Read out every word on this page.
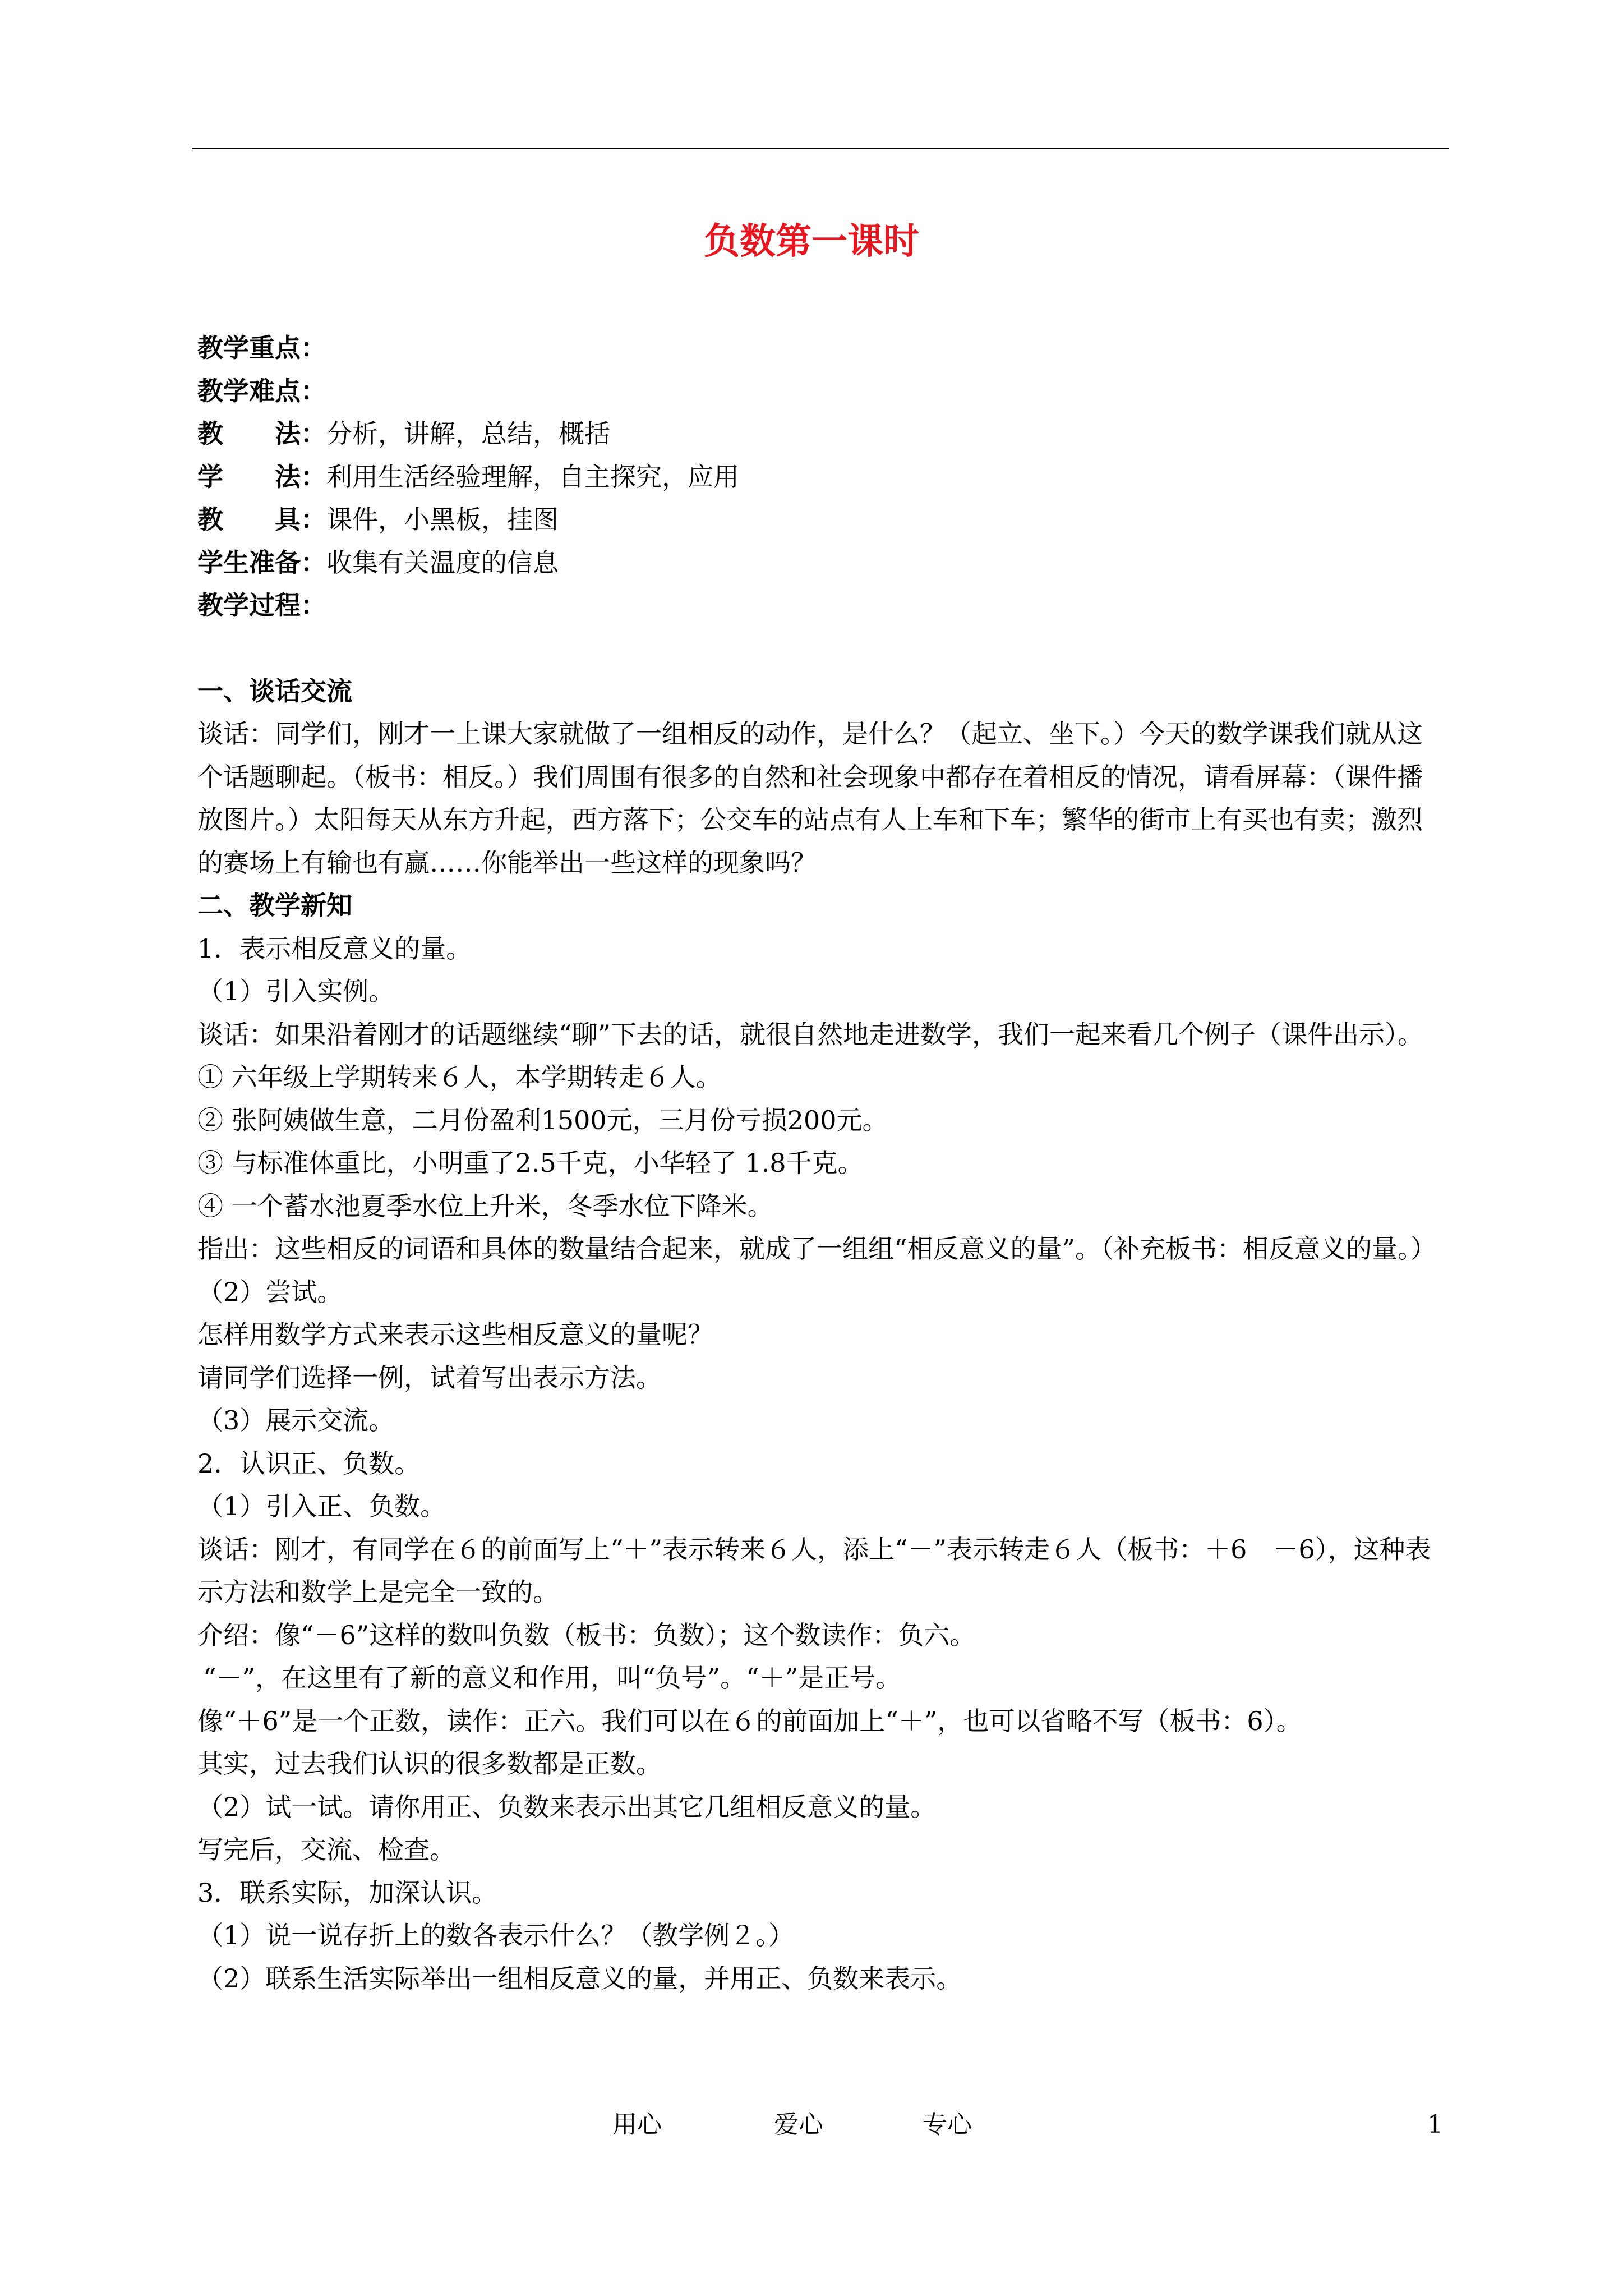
负数第一课时

教学重点：

教学难点：

教　　法：分析，讲解，总结，概括

学　　法：利用生活经验理解，自主探究，应用

教　　具：课件，小黑板，挂图

学生准备：收集有关温度的信息

教学过程：

一、谈话交流

谈话：同学们，刚才一上课大家就做了一组相反的动作，是什么？（起立、坐下。）今天的数学课我们就从这个话题聊起。（板书：相反。）我们周围有很多的自然和社会现象中都存在着相反的情况，请看屏幕：（课件播放图片。）太阳每天从东方升起，西方落下；公交车的站点有人上车和下车；繁华的街市上有买也有卖；激烈的赛场上有输也有赢……你能举出一些这样的现象吗？

二、教学新知

1．表示相反意义的量。

（1）引入实例。

谈话：如果沿着刚才的话题继续“聊”下去的话，就很自然地走进数学，我们一起来看几个例子（课件出示）。

① 六年级上学期转来６人，本学期转走６人。

② 张阿姨做生意，二月份盈利1500元，三月份亏损200元。

③ 与标准体重比，小明重了2.5千克，小华轻了 1.8千克。

④ 一个蓄水池夏季水位上升米，冬季水位下降米。

指出：这些相反的词语和具体的数量结合起来，就成了一组组“相反意义的量”。（补充板书：相反意义的量。）

（2）尝试。

怎样用数学方式来表示这些相反意义的量呢？

请同学们选择一例，试着写出表示方法。

（3）展示交流。

2．认识正、负数。

（1）引入正、负数。

谈话：刚才，有同学在６的前面写上“＋”表示转来６人，添上“－”表示转走６人（板书：＋6　－6），这种表示方法和数学上是完全一致的。

介绍：像“－6”这样的数叫负数（板书：负数）；这个数读作：负六。

“－”，在这里有了新的意义和作用，叫“负号”。“＋”是正号。

像“＋6”是一个正数，读作：正六。我们可以在６的前面加上“＋”，也可以省略不写（板书：6）。

其实，过去我们认识的很多数都是正数。

（2）试一试。请你用正、负数来表示出其它几组相反意义的量。

写完后，交流、检查。

3．联系实际，加深认识。

（1）说一说存折上的数各表示什么？（教学例２。）

（2）联系生活实际举出一组相反意义的量，并用正、负数来表示。

用心	爱心	专心	1
